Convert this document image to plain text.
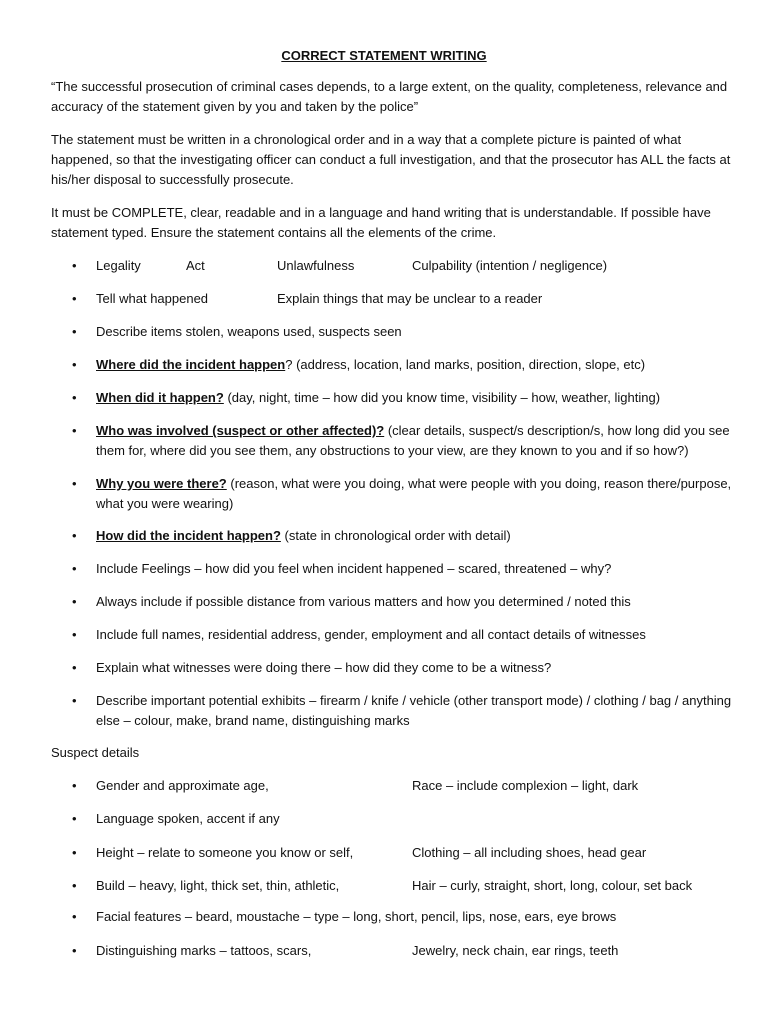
CORRECT STATEMENT WRITING

“The successful prosecution of criminal cases depends, to a large extent, on the quality, completeness, relevance and accuracy of the statement given by you and taken by the police”

The statement must be written in a chronological order and in a way that a complete picture is painted of what happened, so that the investigating officer can conduct a full investigation, and that the prosecutor has ALL the facts at his/her disposal to successfully prosecute.

It must be COMPLETE, clear, readable and in a language and hand writing that is understandable. If possible have statement typed. Ensure the statement contains all the elements of the crime.

• Legality	Act	Unlawfulness	Culpability (intention / negligence)
• Tell what happened	Explain things that may be unclear to a reader
• Describe items stolen, weapons used, suspects seen
• Where did the incident happen? (address, location, land marks, position, direction, slope, etc)
• When did it happen? (day, night, time – how did you know time, visibility – how, weather, lighting)
• Who was involved (suspect or other affected)? (clear details, suspect/s description/s, how long did you see them for, where did you see them, any obstructions to your view, are they known to you and if so how?)
• Why you were there? (reason, what were you doing, what were people with you doing, reason there/purpose, what you were wearing)
• How did the incident happen? (state in chronological order with detail)
• Include Feelings – how did you feel when incident happened – scared, threatened – why?
• Always include if possible distance from various matters and how you determined / noted this
• Include full names, residential address, gender, employment and all contact details of witnesses
• Explain what witnesses were doing there – how did they come to be a witness?
• Describe important potential exhibits – firearm / knife / vehicle (other transport mode) / clothing / bag / anything else – colour, make, brand name, distinguishing marks

Suspect details

• Gender and approximate age,	Race – include complexion – light, dark
• Language spoken, accent if any
• Height – relate to someone you know or self,	Clothing – all including shoes, head gear
• Build – heavy, light, thick set, thin, athletic,	Hair – curly, straight, short, long, colour, set back
• Facial features – beard, moustache – type – long, short, pencil, lips, nose, ears, eye brows
• Distinguishing marks – tattoos, scars,	Jewelry, neck chain, ear rings, teeth
